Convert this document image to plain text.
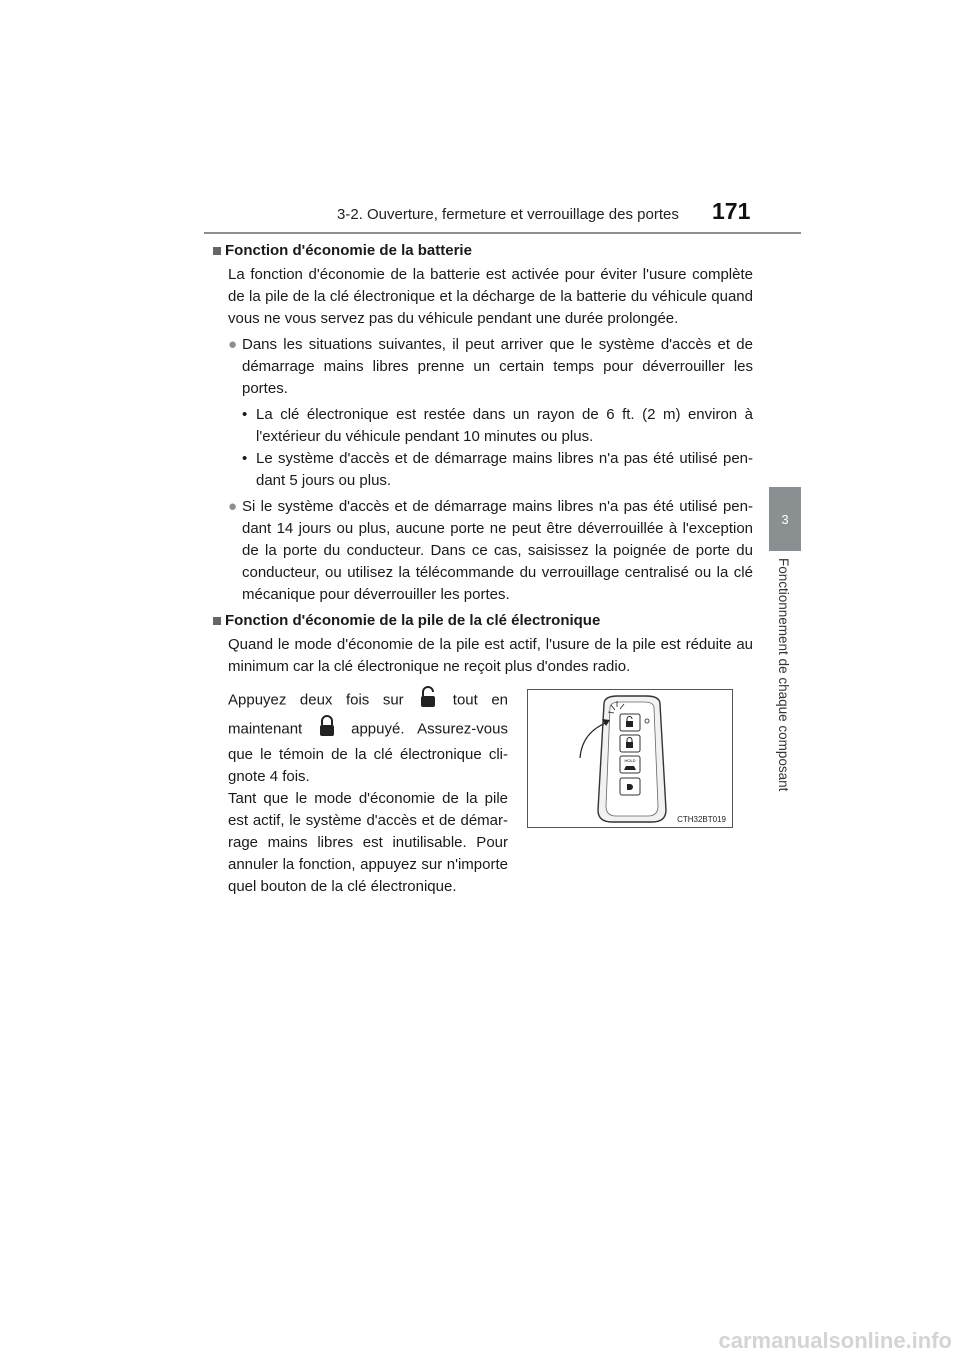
3-2. Ouverture, fermeture et verrouillage des portes 171
3
Fonctionnement de chaque composant
Fonction d'économie de la batterie

La fonction d'économie de la batterie est activée pour éviter l'usure complète de la pile de la clé électronique et la décharge de la batterie du véhicule quand vous ne vous servez pas du véhicule pendant une durée prolongée.

● Dans les situations suivantes, il peut arriver que le système d'accès et de démarrage mains libres prenne un certain temps pour déverrouiller les portes.
• La clé électronique est restée dans un rayon de 6 ft. (2 m) environ à l'extérieur du véhicule pendant 10 minutes ou plus.
• Le système d'accès et de démarrage mains libres n'a pas été utilisé pen- dant 5 jours ou plus.
● Si le système d'accès et de démarrage mains libres n'a pas été utilisé pen- dant 14 jours ou plus, aucune porte ne peut être déverrouillée à l'exception de la porte du conducteur. Dans ce cas, saisissez la poignée de porte du conducteur, ou utilisez la télécommande du verrouillage centralisé ou la clé mécanique pour déverrouiller les portes.
Fonction d'économie de la pile de la clé électronique

Quand le mode d'économie de la pile est actif, l'usure de la pile est réduite au minimum car la clé électronique ne reçoit plus d'ondes radio.

Appuyez deux fois sur	tout en maintenant	appuyé. Assurez-vous que le témoin de la clé électronique cli- gnote 4 fois.
Tant que le mode d'économie de la pile est actif, le système d'accès et de démar- rage mains libres est inutilisable. Pour annuler la fonction, appuyez sur n'importe quel bouton de la clé électronique.
HOLD
CTH32BT019
carmanualsonline.info
